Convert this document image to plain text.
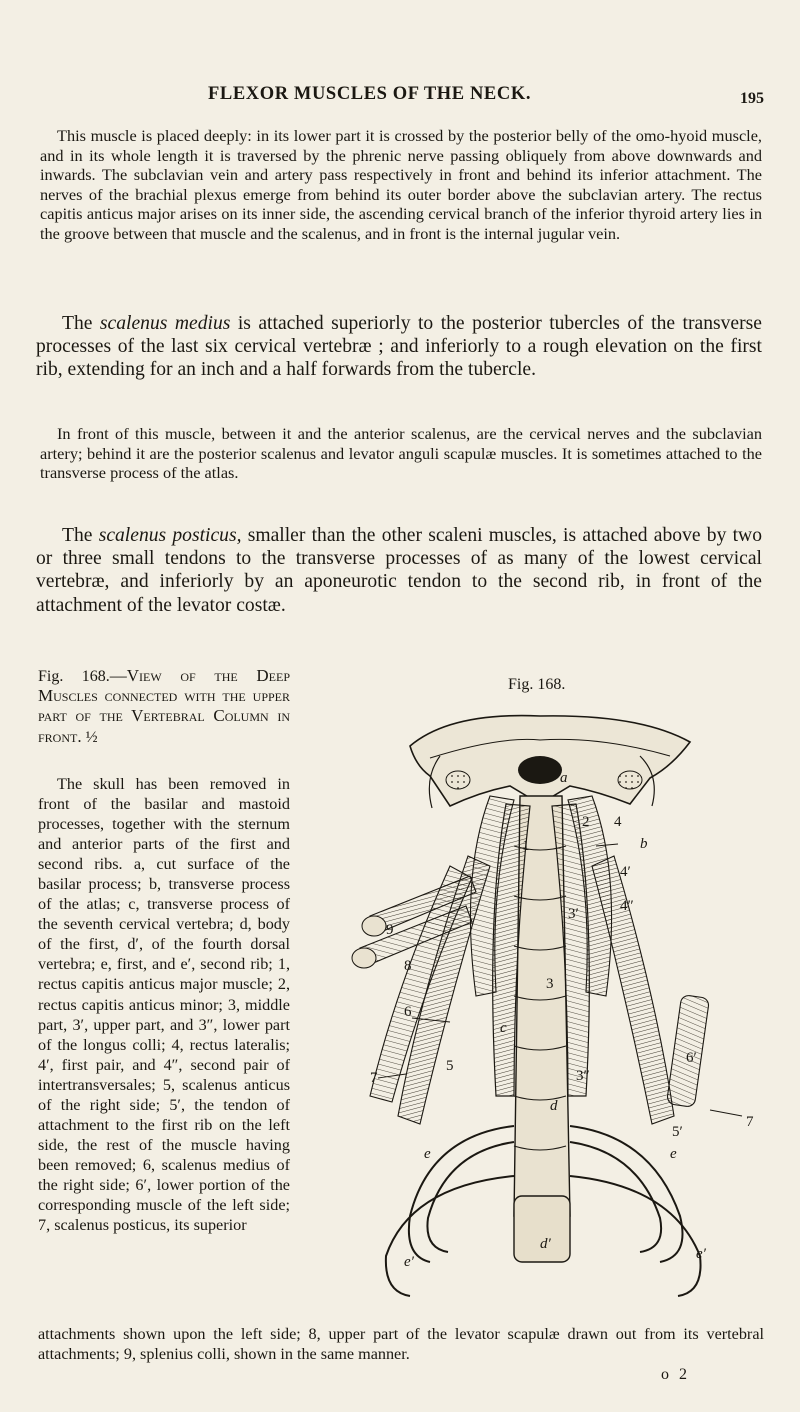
FLEXOR MUSCLES OF THE NECK.	195

This muscle is placed deeply: in its lower part it is crossed by the posterior belly of the omo-hyoid muscle, and in its whole length it is traversed by the phrenic nerve passing obliquely from above downwards and inwards. The subclavian vein and artery pass respectively in front and behind its inferior attachment. The nerves of the brachial plexus emerge from behind its outer border above the subclavian artery. The rectus capitis anticus major arises on its inner side, the ascending cervical branch of the inferior thyroid artery lies in the groove between that muscle and the scalenus, and in front is the internal jugular vein.

The scalenus medius is attached superiorly to the posterior tubercles of the transverse processes of the last six cervical vertebræ ; and inferiorly to a rough elevation on the first rib, extending for an inch and a half forwards from the tubercle.

In front of this muscle, between it and the anterior scalenus, are the cervical nerves and the subclavian artery; behind it are the posterior scalenus and levator anguli scapulæ muscles. It is sometimes attached to the transverse process of the atlas.

The scalenus posticus, smaller than the other scaleni muscles, is attached above by two or three small tendons to the transverse processes of as many of the lowest cervical vertebræ, and inferiorly by an aponeurotic tendon to the second rib, in front of the attachment of the levator costæ.

Fig. 168.—View of the Deep Muscles connected with the upper part of the Vertebral Column in front. ½

The skull has been removed in front of the basilar and mastoid processes, together with the sternum and anterior parts of the first and second ribs. a, cut surface of the basilar process; b, transverse process of the atlas; c, transverse process of the seventh cervical vertebra; d, body of the first, d′, of the fourth dorsal vertebra; e, first, and e′, second rib; 1, rectus capitis anticus major muscle; 2, rectus capitis anticus minor; 3, middle part, 3′, upper part, and 3″, lower part of the longus colli; 4, rectus lateralis; 4′, first pair, and 4″, second pair of intertransversales; 5, scalenus anticus of the right side; 5′, the tendon of attachment to the first rib on the left side, the rest of the muscle having been removed; 6, scalenus medius of the right side; 6′, lower portion of the corresponding muscle of the left side; 7, scalenus posticus, its superior

attachments shown upon the left side; 8, upper part of the levator scapulæ drawn out from its vertebral attachments; 9, splenius colli, shown in the same manner.

Fig. 168.
a
b
c
d
d′
e	e
e′	e′
1
2
3
3′
3″
4
4′
4″
5
5′
6
6′
7
7
8
9
o 2
